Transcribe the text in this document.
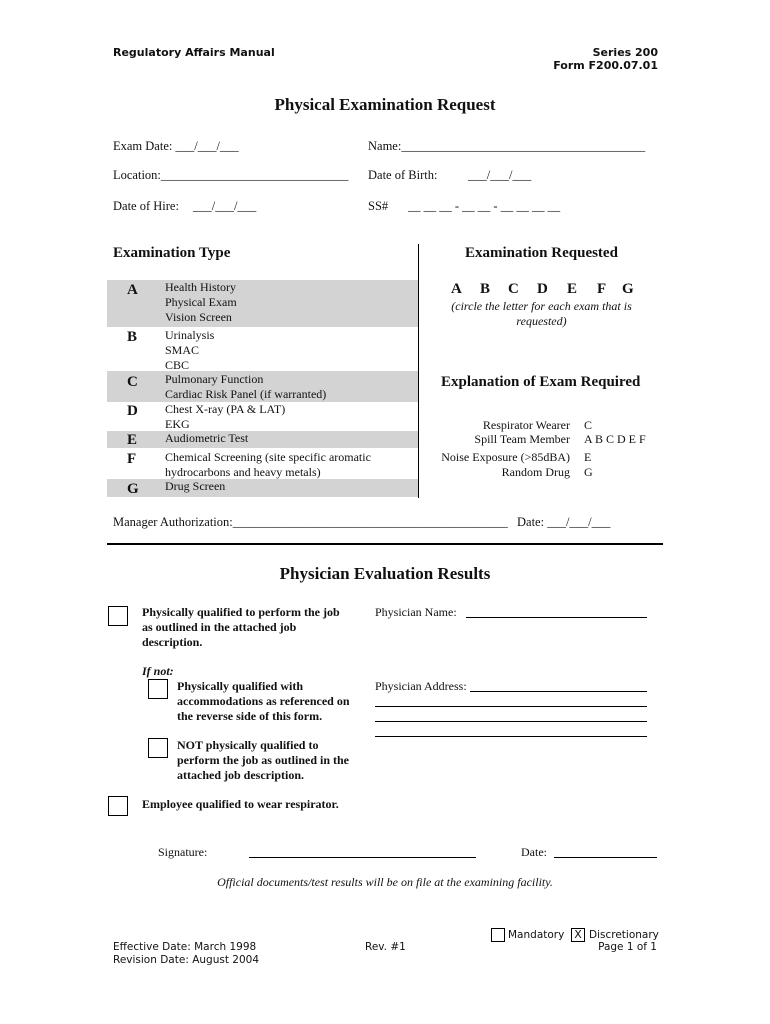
Regulatory Affairs Manual	Series 200
Form F200.07.01
Physical Examination Request
Exam Date: ___/___/___	Name:_______________________________________
Location:______________________________ Date of Birth: ___/___/___
Date of Hire: ___/___/___	SS# __ __ __ - __ __ - __ __ __ __
Examination Type
A Health History
Physical Exam
Vision Screen
B Urinalysis
SMAC
CBC
C Pulmonary Function
Cardiac Risk Panel (if warranted)
D Chest X-ray (PA & LAT)
EKG
E Audiometric Test
F Chemical Screening (site specific aromatic
hydrocarbons and heavy metals)
G Drug Screen
Examination Requested
A B C D E F G
(circle the letter for each exam that is
requested)
Explanation of Exam Required
Respirator Wearer C
Spill Team Member A B C D E F
Noise Exposure (>85dBA) E
Random Drug G
Manager Authorization:____________________________________________ Date: ___/___/___
Physician Evaluation Results
Physically qualified to perform the job
as outlined in the attached job
description.
If not:
Physically qualified with
accommodations as referenced on
the reverse side of this form.
NOT physically qualified to
perform the job as outlined in the
attached job description.
Employee qualified to wear respirator.
Physician Name:
Physician Address:
Signature:	Date:
Official documents/test results will be on file at the examining facility.
Effective Date: March 1998
Revision Date: August 2004
Rev. #1
Mandatory X Discretionary
Page 1 of 1
